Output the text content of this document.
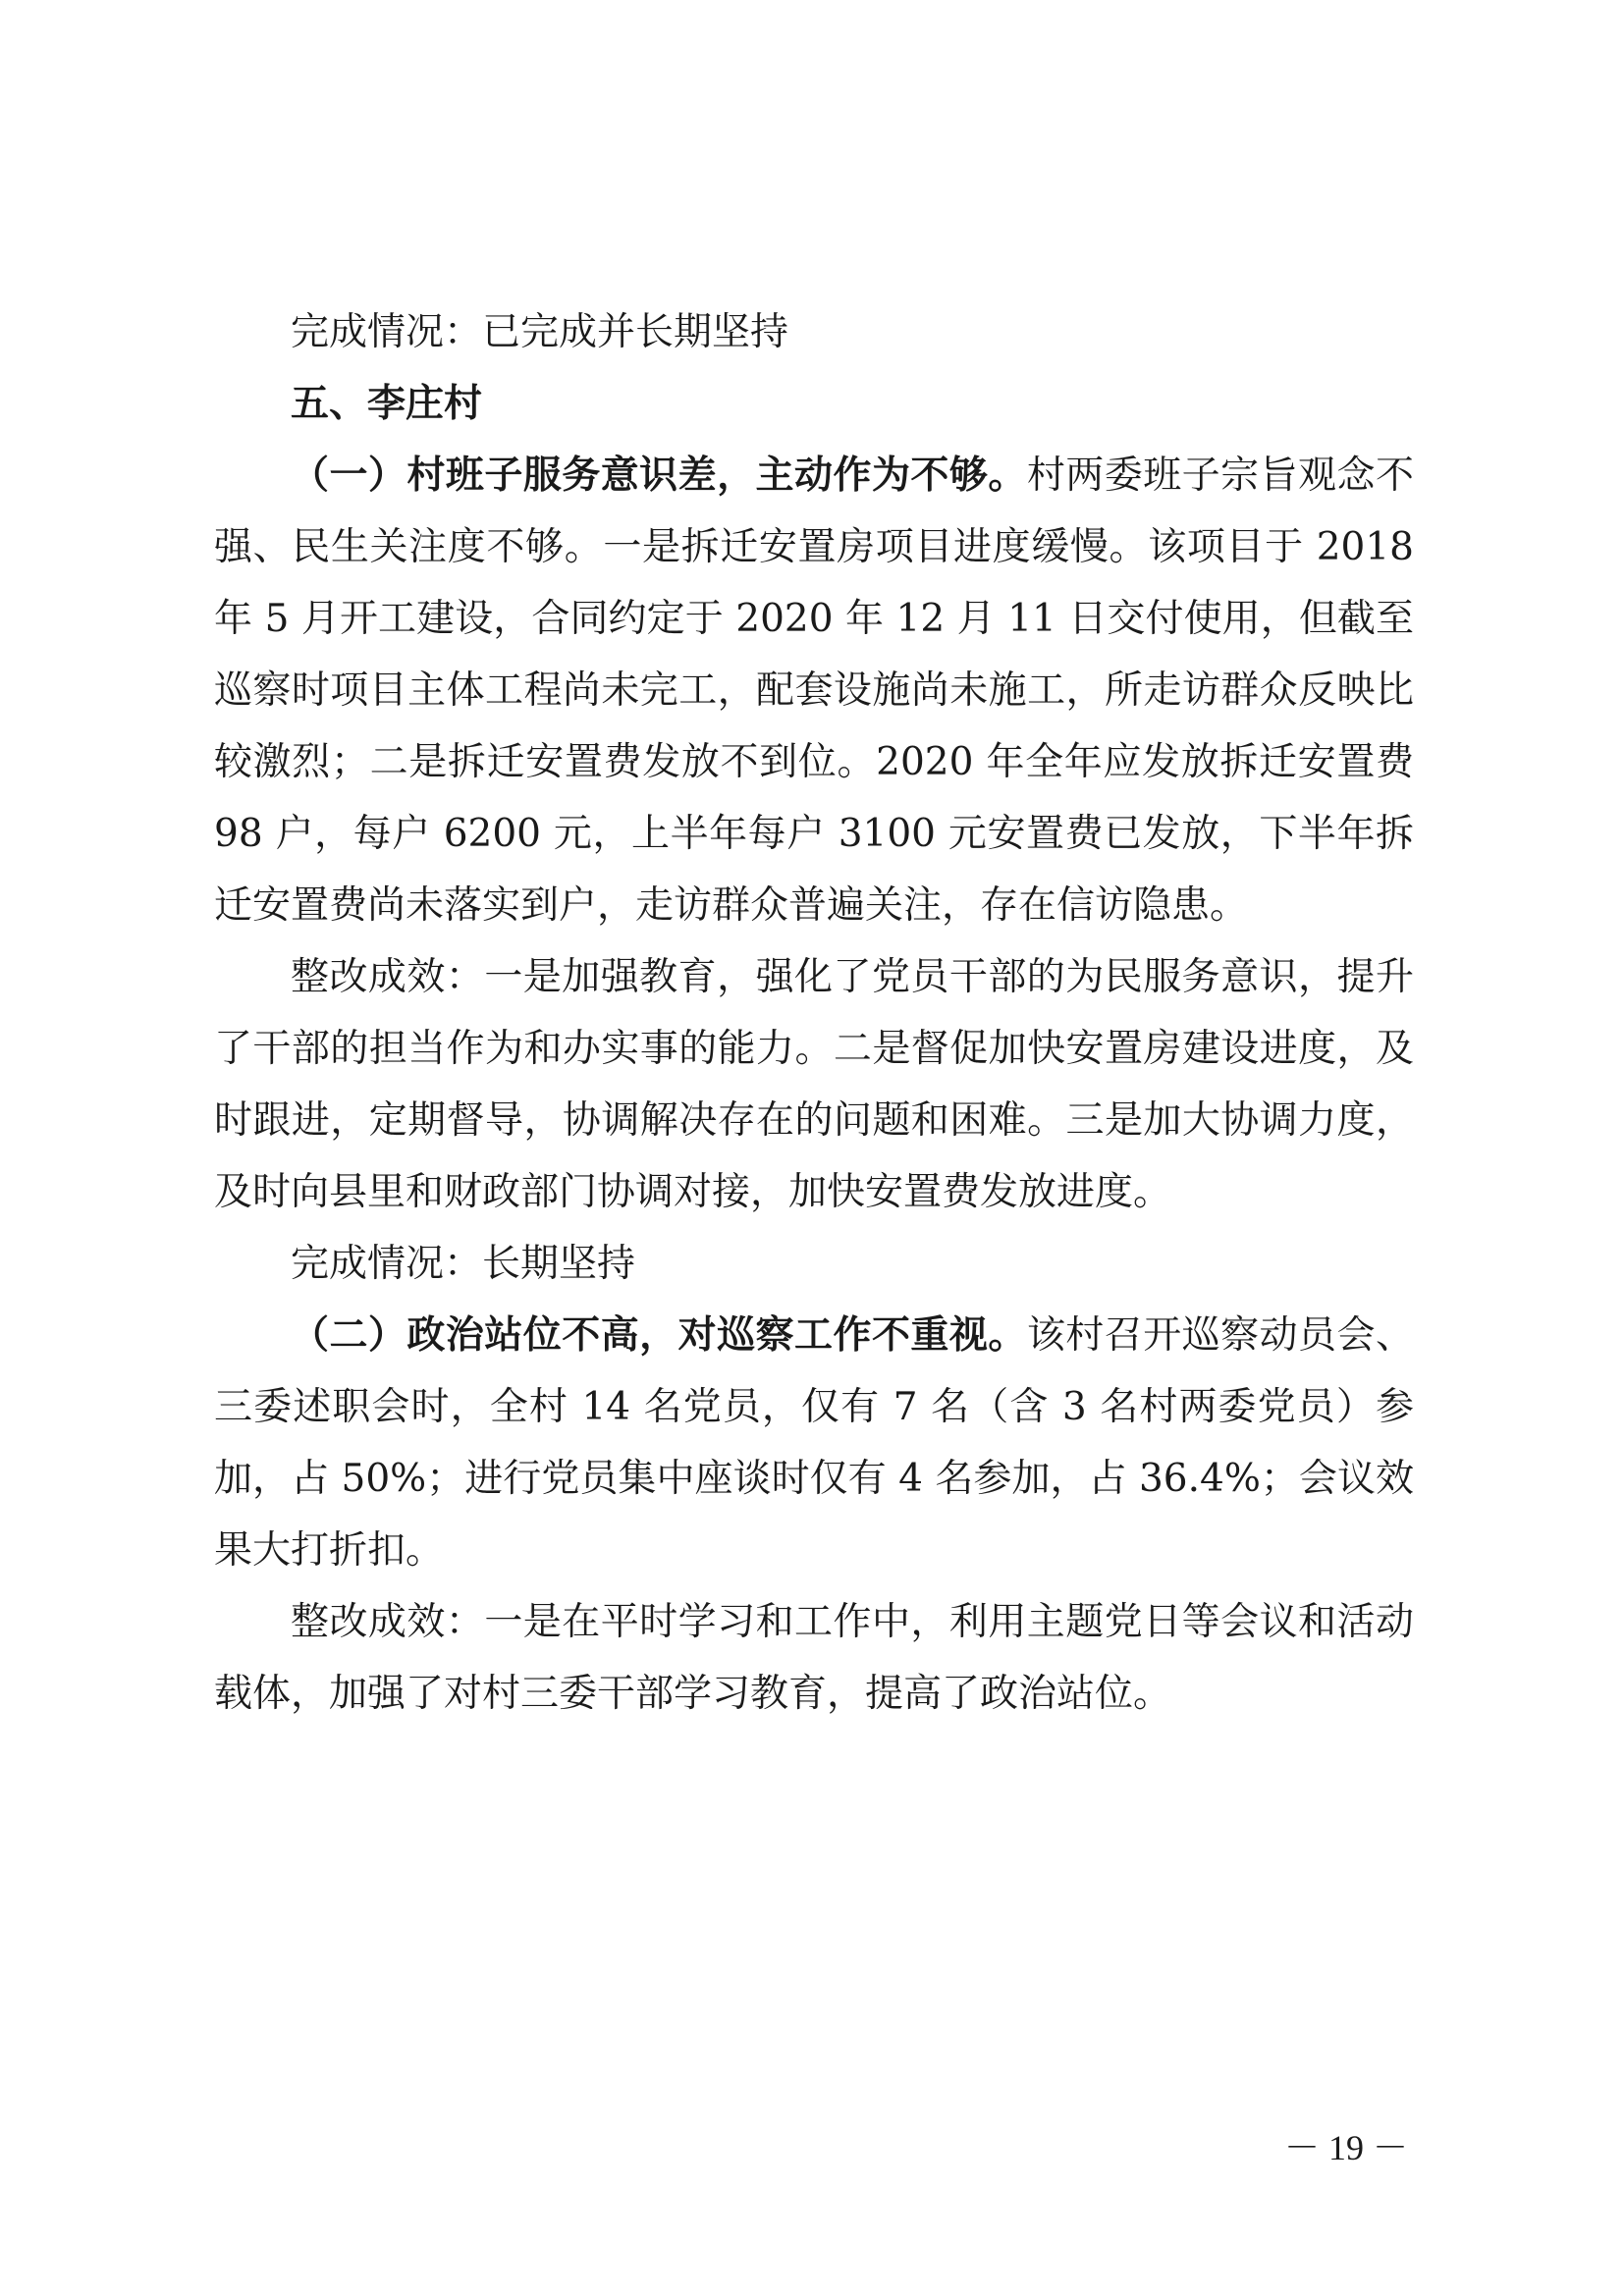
完成情况：已完成并长期坚持

五、李庄村

（一）村班子服务意识差，主动作为不够。村两委班子宗旨观念不强、民生关注度不够。一是拆迁安置房项目进度缓慢。该项目于 2018 年 5 月开工建设，合同约定于 2020 年 12 月 11 日交付使用，但截至巡察时项目主体工程尚未完工，配套设施尚未施工，所走访群众反映比较激烈；二是拆迁安置费发放不到位。2020 年全年应发放拆迁安置费 98 户，每户 6200 元，上半年每户 3100 元安置费已发放，下半年拆迁安置费尚未落实到户，走访群众普遍关注，存在信访隐患。

整改成效：一是加强教育，强化了党员干部的为民服务意识，提升了干部的担当作为和办实事的能力。二是督促加快安置房建设进度，及时跟进，定期督导，协调解决存在的问题和困难。三是加大协调力度，及时向县里和财政部门协调对接，加快安置费发放进度。

完成情况：长期坚持

（二）政治站位不高，对巡察工作不重视。该村召开巡察动员会、三委述职会时，全村 14 名党员，仅有 7 名（含 3 名村两委党员）参加，占 50%；进行党员集中座谈时仅有 4 名参加，占 36.4%；会议效果大打折扣。

整改成效：一是在平时学习和工作中，利用主题党日等会议和活动载体，加强了对村三委干部学习教育，提高了政治站位。

－ 19 －
